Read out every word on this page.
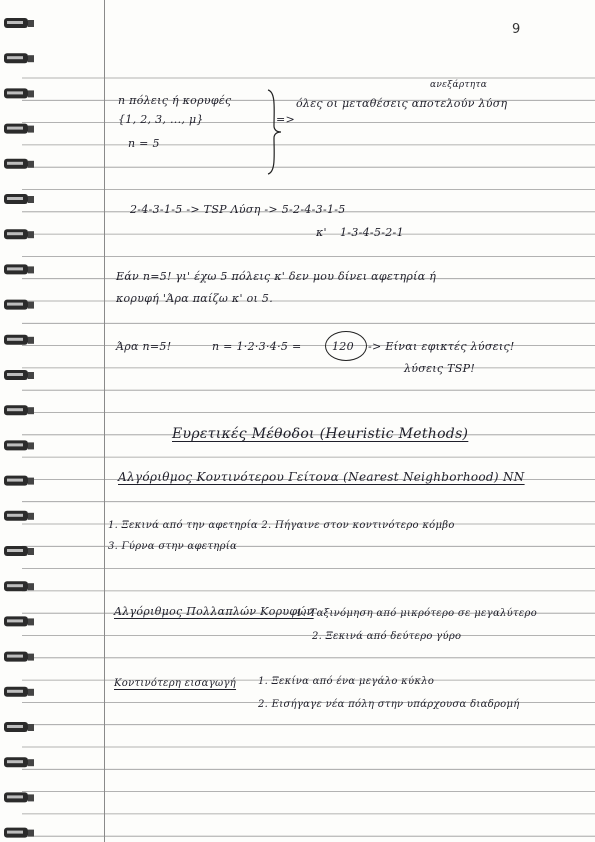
9
n πόλεις ή κορυφές
{1, 2, 3, ..., μ}
n = 5
=>
ανεξάρτητα
όλες οι μεταθέσεις αποτελούν λύση
2-4-3-1-5 -> TSP Λύση -> 5-2-4-3-1-5
κ' 1-3-4-5-2-1
Εάν n=5! γι' έχω 5 πόλεις κ' δεν μου δίνει αφετηρία ή
κορυφή 'Άρα παίζω κ' οι 5.
Άρα n=5!	n = 1·2·3·4·5 =	120 -> Είναι εφικτές λύσεις!
λύσεις TSP!
Ευρετικές Μέθοδοι (Heuristic Methods)
Αλγόριθμος Κοντινότερου Γείτονα (Nearest Neighborhood) NN
1. Ξεκινά από την αφετηρία 2. Πήγαινε στον κοντινότερο κόμβο
3. Γύρνα στην αφετηρία
Αλγόριθμος Πολλαπλών Κορυφών
1. Ταξινόμηση από μικρότερο σε μεγαλύτερο
2. Ξεκινά από δεύτερο γύρο
Κοντινότερη εισαγωγή 1. Ξεκίνα από ένα μεγάλο κύκλο
2. Εισήγαγε νέα πόλη στην υπάρχουσα διαδρομή
